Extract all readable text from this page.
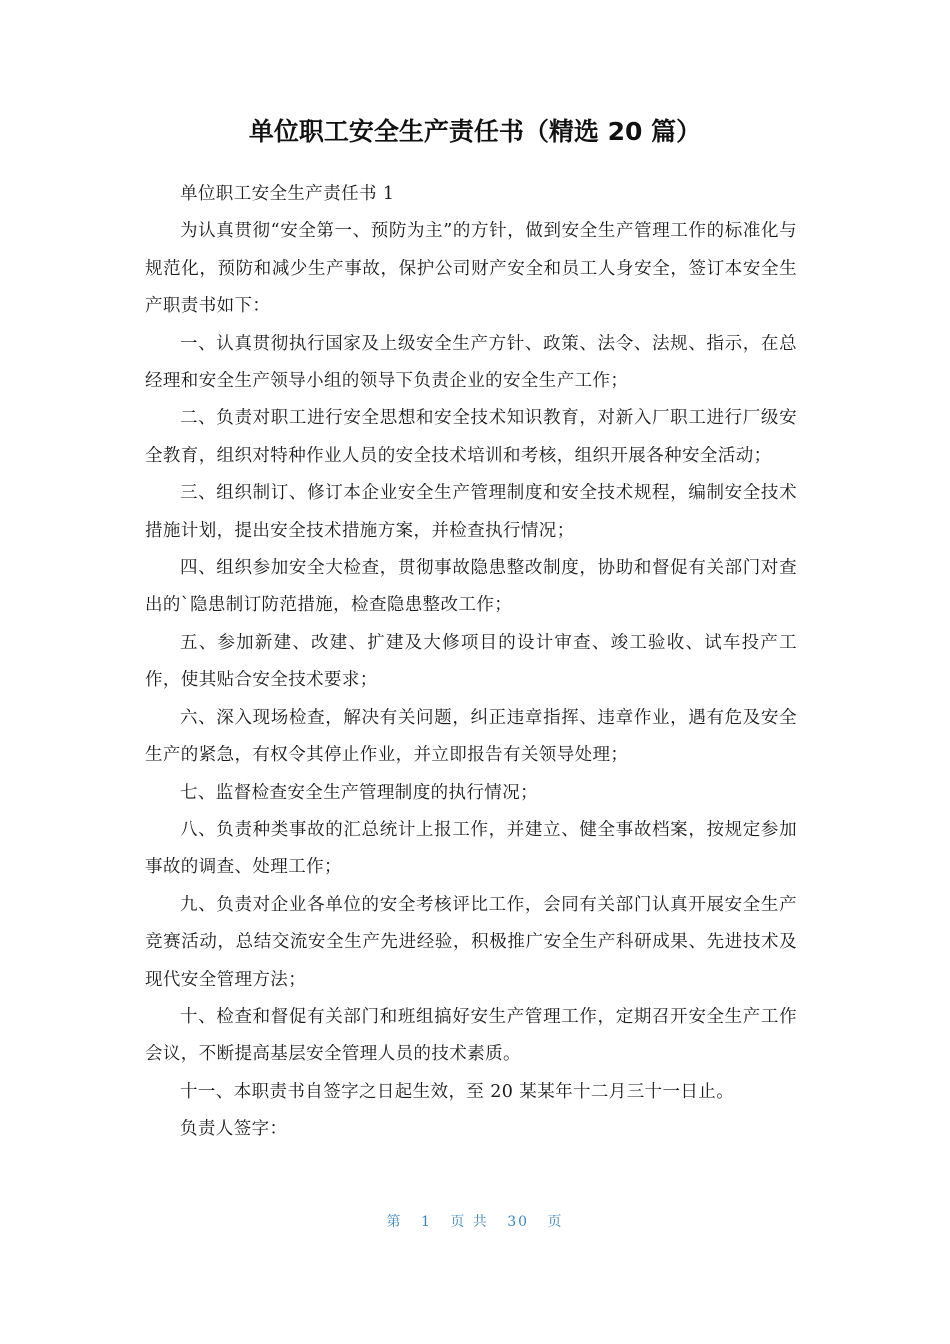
单位职工安全生产责任书（精选 20 篇）

单位职工安全生产责任书 1

为认真贯彻“安全第一、预防为主”的方针，做到安全生产管理工作的标准化与规范化，预防和减少生产事故，保护公司财产安全和员工人身安全，签订本安全生产职责书如下：

一、认真贯彻执行国家及上级安全生产方针、政策、法令、法规、指示，在总经理和安全生产领导小组的领导下负责企业的安全生产工作；

二、负责对职工进行安全思想和安全技术知识教育，对新入厂职工进行厂级安全教育，组织对特种作业人员的安全技术培训和考核，组织开展各种安全活动；

三、组织制订、修订本企业安全生产管理制度和安全技术规程，编制安全技术措施计划，提出安全技术措施方案，并检查执行情况；

四、组织参加安全大检查，贯彻事故隐患整改制度，协助和督促有关部门对查出的`隐患制订防范措施，检查隐患整改工作；

五、参加新建、改建、扩建及大修项目的设计审查、竣工验收、试车投产工作，使其贴合安全技术要求；

六、深入现场检查，解决有关问题，纠正违章指挥、违章作业，遇有危及安全生产的紧急，有权令其停止作业，并立即报告有关领导处理；

七、监督检查安全生产管理制度的执行情况；

八、负责种类事故的汇总统计上报工作，并建立、健全事故档案，按规定参加事故的调查、处理工作；

九、负责对企业各单位的安全考核评比工作，会同有关部门认真开展安全生产竞赛活动，总结交流安全生产先进经验，积极推广安全生产科研成果、先进技术及现代安全管理方法；

十、检查和督促有关部门和班组搞好安生产管理工作，定期召开安全生产工作会议，不断提高基层安全管理人员的技术素质。

十一、本职责书自签字之日起生效，至 20 某某年十二月三十一日止。

负责人签字：

第 1 页 共 30 页
